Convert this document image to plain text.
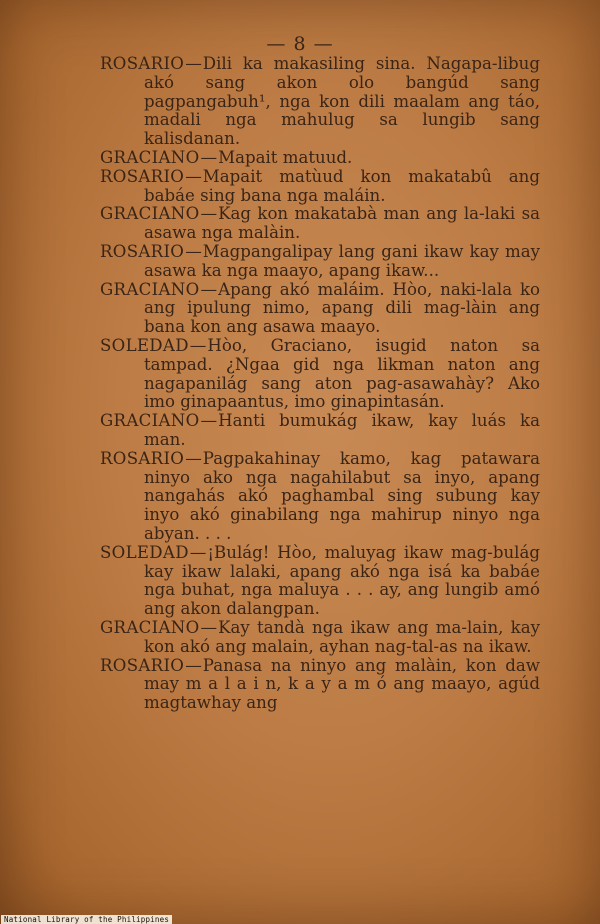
— 8 —

ROSARIO—Dili ka makasiling sina. Nagapa-libug akó sang akon olo bangúd sang pagpangabuh¹, nga kon dili maalam ang táo, madali nga mahulug sa lungib sang kalisdanan.

GRACIANO—Mapait matuud.

ROSARIO—Mapait matùud kon makatabû ang babáe sing bana nga maláin.

GRACIANO—Kag kon makatabà man ang la-laki sa asawa nga malàin.

ROSARIO—Magpangalipay lang gani ikaw kay may asawa ka nga maayo, apang ikaw...

GRACIANO—Apang akó maláim. Hòo, naki-lala ko ang ipulung nimo, apang dili mag-làin ang bana kon ang asawa maayo.

SOLEDAD—Hòo, Graciano, isugid naton sa tampad. ¿Ngaa gid nga likman naton ang nagapanilág sang aton pag-asawahày? Ako imo ginapaantus, imo ginapintasán.

GRACIANO—Hanti bumukág ikaw, kay luás ka man.

ROSARIO—Pagpakahinay kamo, kag patawara ninyo ako nga nagahilabut sa inyo, apang nangahás akó paghambal sing subung kay inyo akó ginabilang nga mahirup ninyo nga abyan. . . .

SOLEDAD—¡Bulág! Hòo, maluyag ikaw mag-bulág kay ikaw lalaki, apang akó nga isá ka babáe nga buhat, nga maluya . . . ay, ang lungib amó ang akon dalangpan.

GRACIANO—Kay tandà nga ikaw ang ma-lain, kay kon akó ang malain, ayhan nag-tal-as na ikaw.

ROSARIO—Panasa na ninyo ang malàin, kon daw may m a l a i n, k a y a m ó ang maayo, agúd magtawhay ang

National Library of the Philippines
